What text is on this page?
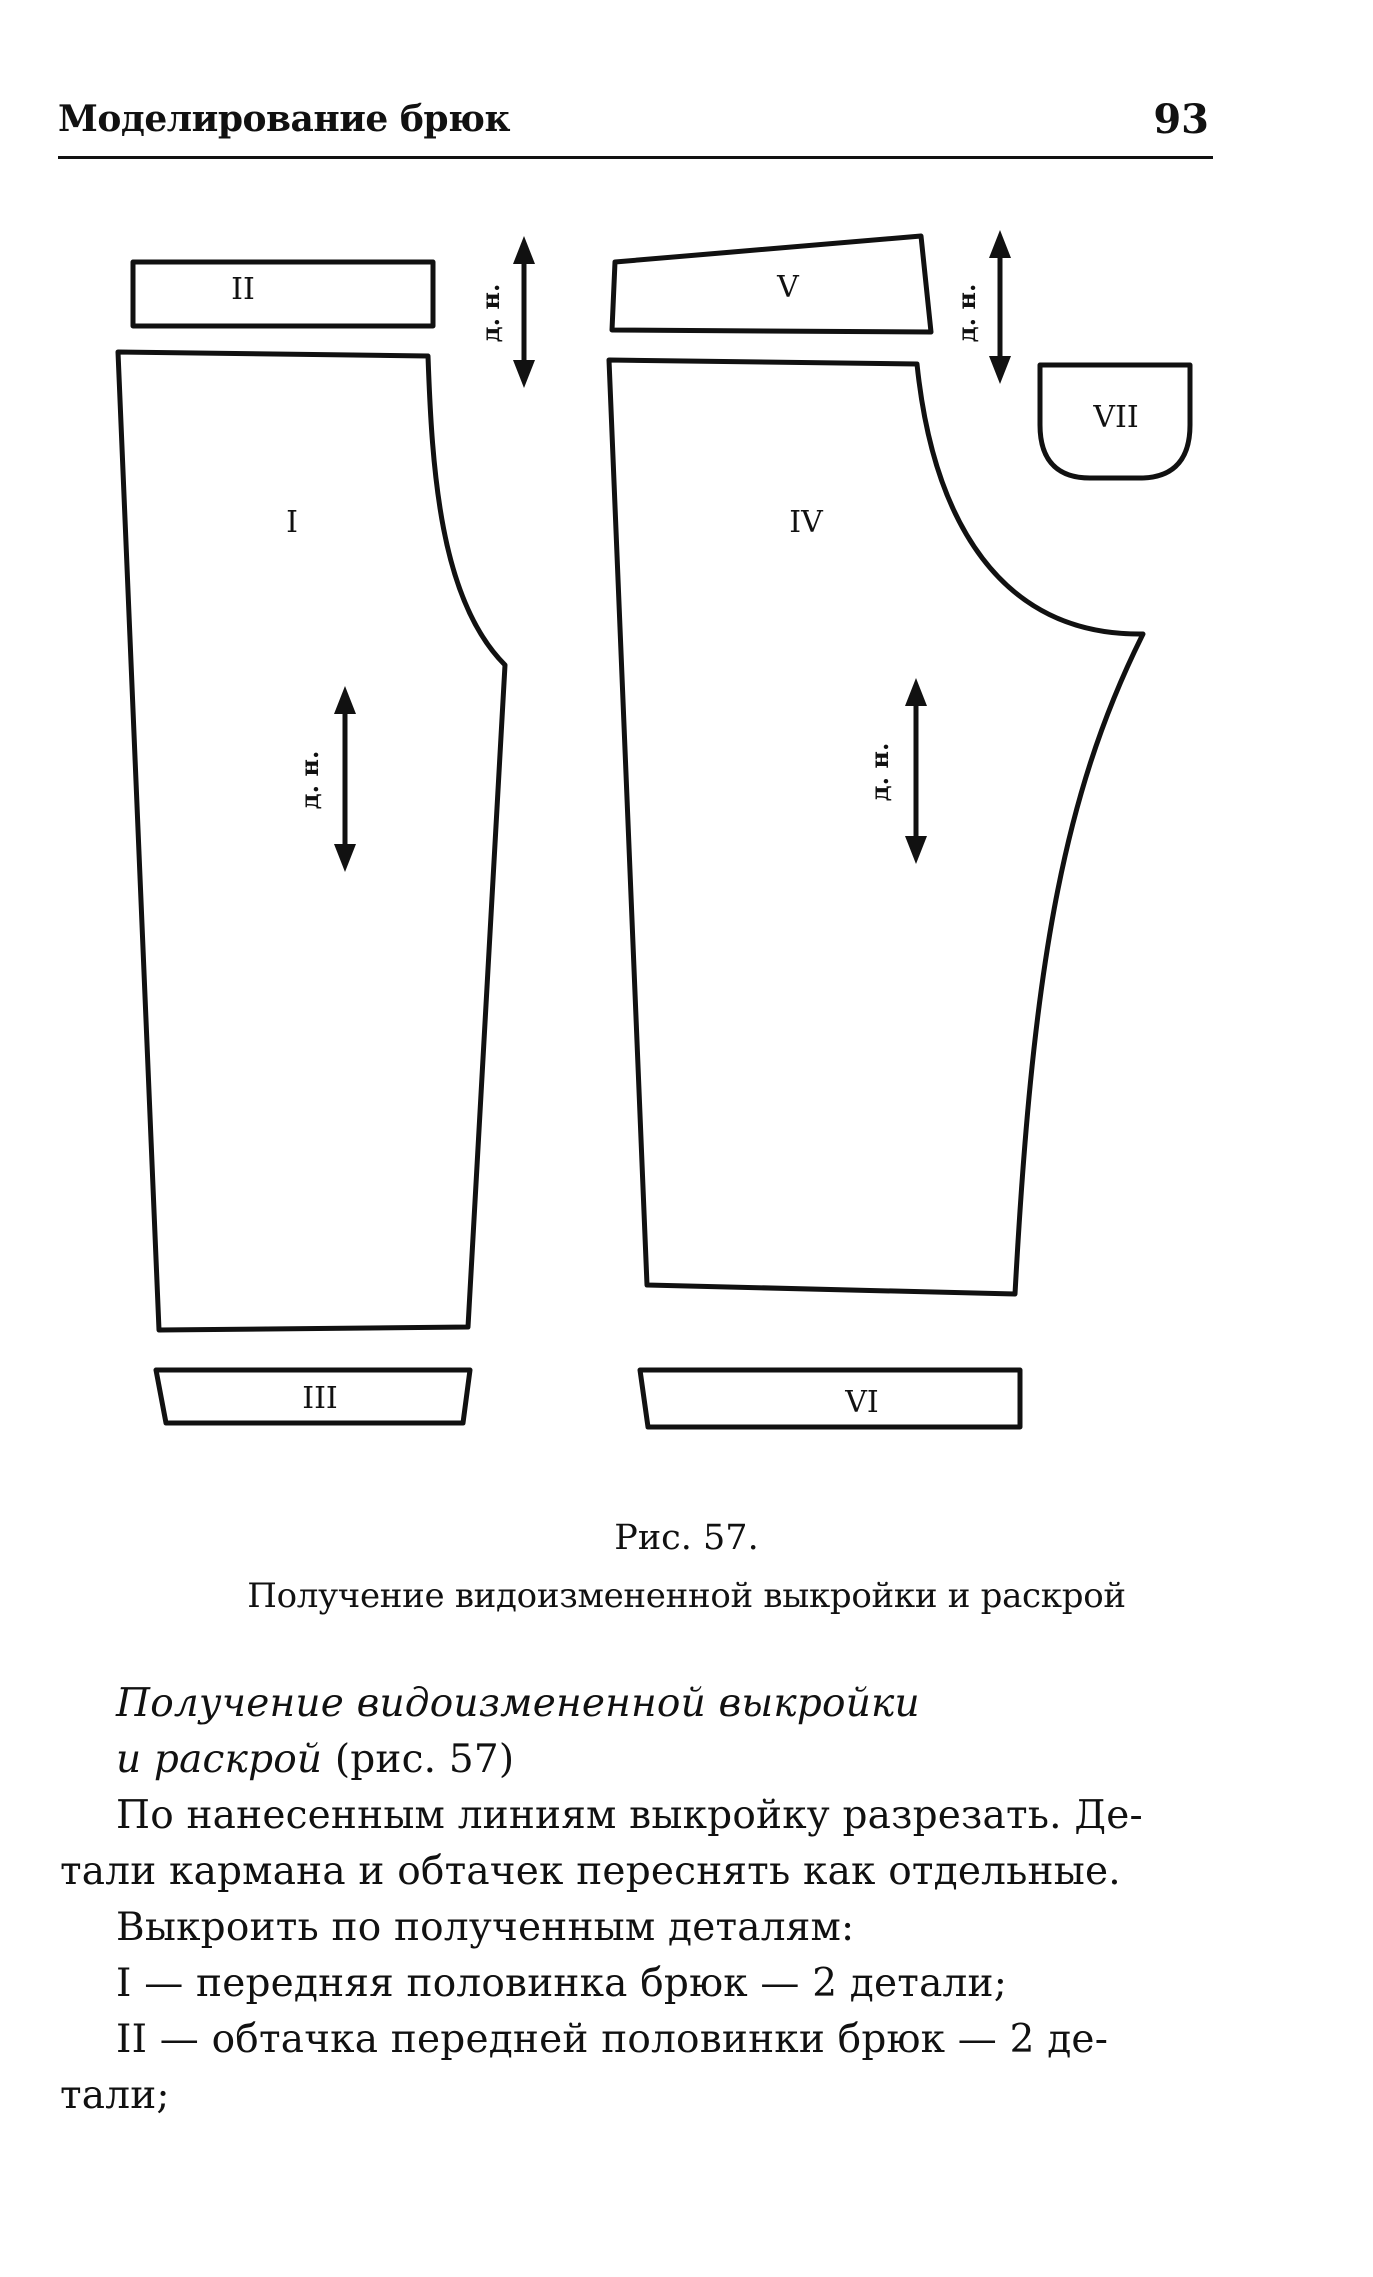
Моделирование брюк	93
II
I
III
V
IV
VI
VII
д. н.	д. н.
д. н.	д. н.
Рис. 57.
Получение видоизмененной выкройки и раскрой
Получение видоизмененной выкройки
и раскрой (рис. 57)
По нанесенным линиям выкройку разрезать. Де-
тали кармана и обтачек переснять как отдельные.
Выкроить по полученным деталям:
I — передняя половинка брюк — 2 детали;
II — обтачка передней половинки брюк — 2 де-
тали;
